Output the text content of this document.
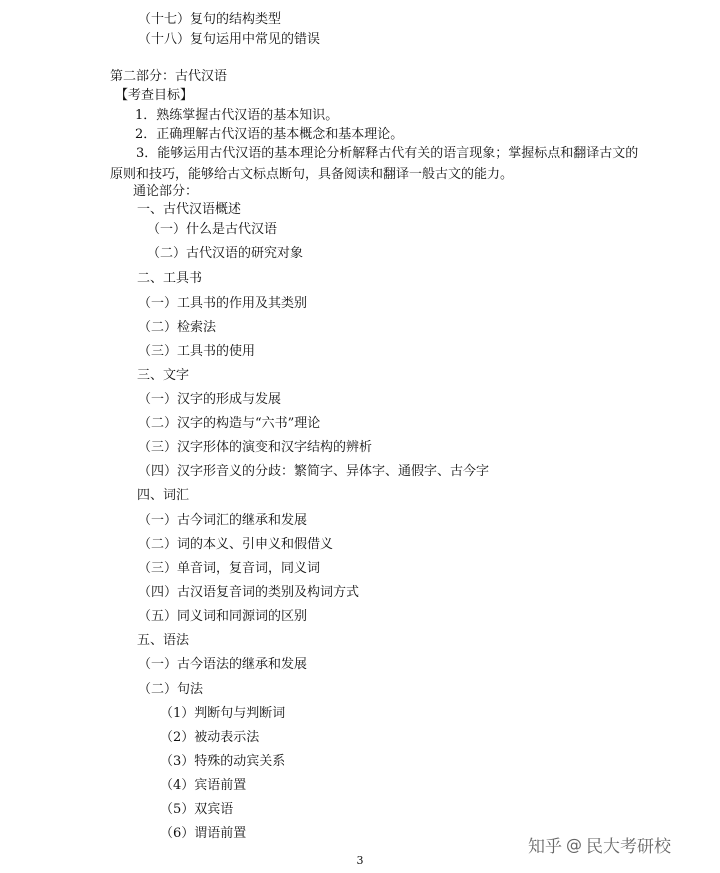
（十七）复句的结构类型
（十八）复句运用中常见的错误
第二部分：古代汉语
【考查目标】
1．熟练掌握古代汉语的基本知识。
2．正确理解古代汉语的基本概念和基本理论。
3．能够运用古代汉语的基本理论分析解释古代有关的语言现象；掌握标点和翻译古文的原则和技巧，能够给古文标点断句，具备阅读和翻译一般古文的能力。
通论部分：
一、古代汉语概述
（一）什么是古代汉语
（二）古代汉语的研究对象
二、工具书
（一）工具书的作用及其类别
（二）检索法
（三）工具书的使用
三、文字
（一）汉字的形成与发展
（二）汉字的构造与“六书”理论
（三）汉字形体的演变和汉字结构的辨析
（四）汉字形音义的分歧：繁简字、异体字、通假字、古今字
四、词汇
（一）古今词汇的继承和发展
（二）词的本义、引申义和假借义
（三）单音词，复音词，同义词
（四）古汉语复音词的类别及构词方式
（五）同义词和同源词的区别
五、语法
（一）古今语法的继承和发展
（二）句法
（1）判断句与判断词
（2）被动表示法
（3）特殊的动宾关系
（4）宾语前置
（5）双宾语
（6）谓语前置
知乎 @ 民大考研校
3
